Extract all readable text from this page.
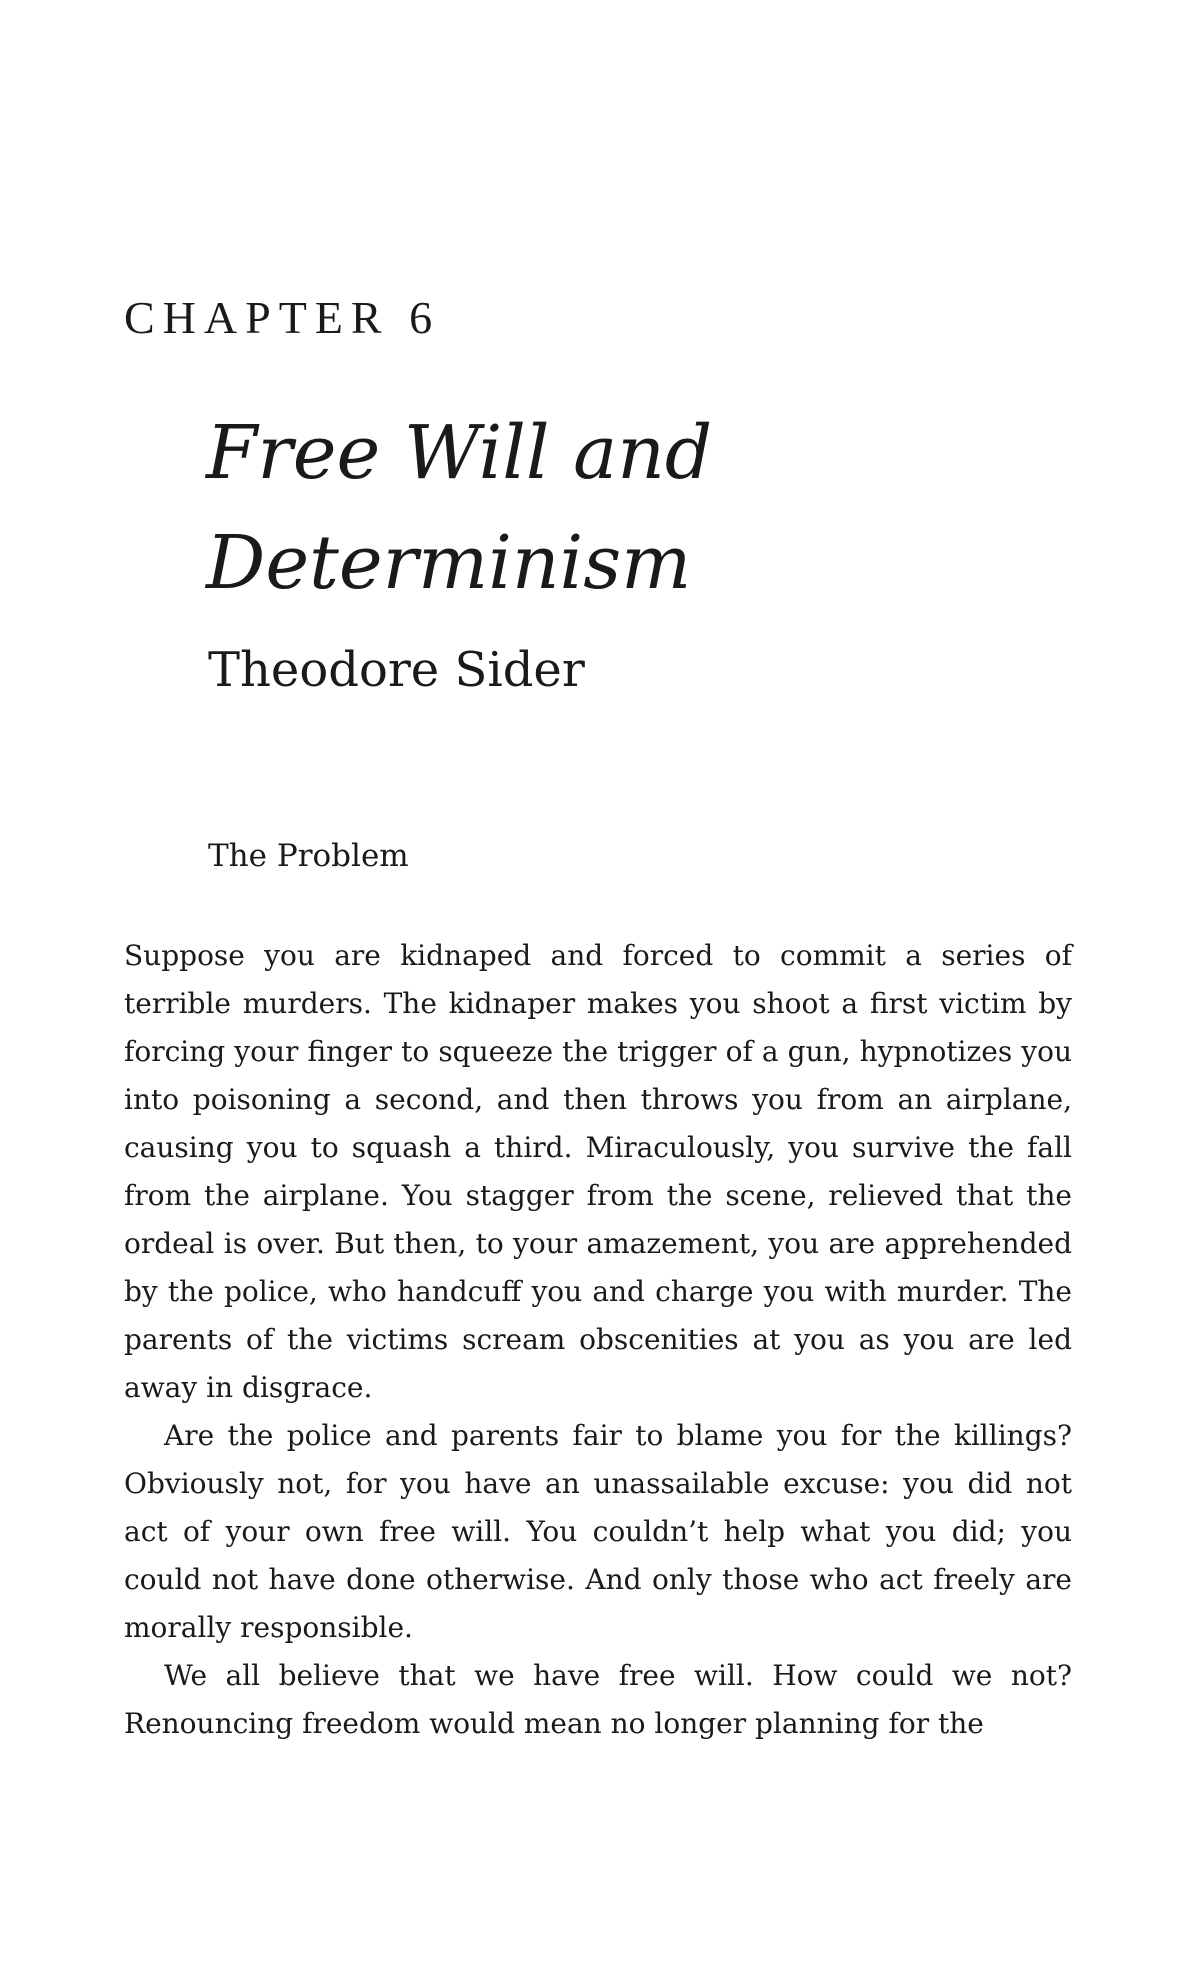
CHAPTER 6
Free Will and
Determinism
Theodore Sider
The Problem

Suppose you are kidnaped and forced to commit a series of terrible murders. The kidnaper makes you shoot a first victim by forcing your finger to squeeze the trigger of a gun, hypnotizes you into poisoning a second, and then throws you from an airplane, causing you to squash a third. Miraculously, you survive the fall from the airplane. You stagger from the scene, relieved that the ordeal is over. But then, to your amazement, you are apprehended by the police, who handcuff you and charge you with murder. The parents of the victims scream obscenities at you as you are led away in disgrace.

Are the police and parents fair to blame you for the killings? Obviously not, for you have an unassailable excuse: you did not act of your own free will. You couldn’t help what you did; you could not have done otherwise. And only those who act freely are morally responsible.

We all believe that we have free will. How could we not? Renouncing freedom would mean no longer planning for the
